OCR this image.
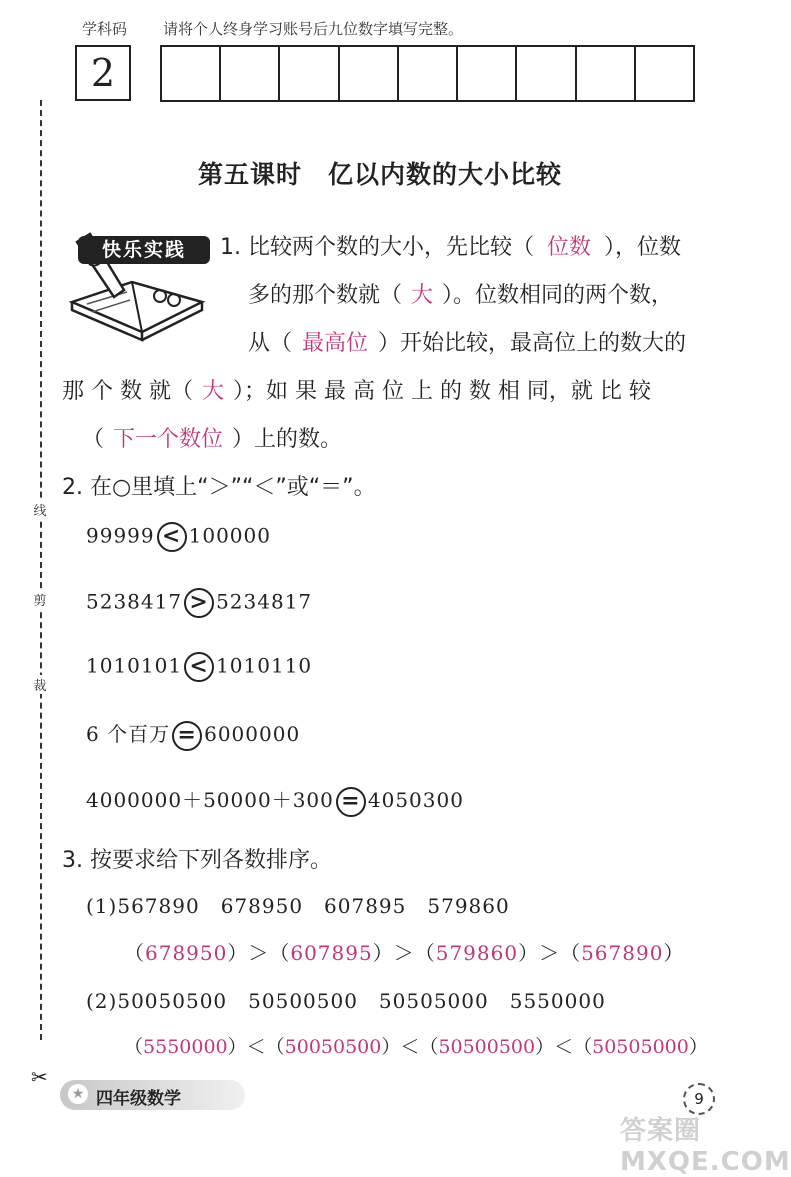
学科码 请将个人终身学习账号后九位数字填写完整。
2
线
剪
裁
✂
第五课时　亿以内数的大小比较
快乐实践	1. 比较两个数的大小，先比较（ 位数 ），位数
多的那个数就（ 大 ）。位数相同的两个数，
从（ 最高位 ）开始比较，最高位上的数大的
那 个 数 就（ 大 ）；如 果 最 高 位 上 的 数 相 同，就 比 较
（ 下一个数位 ）上的数。
2. 在○里填上“＞”“＜”或“＝”。
99999 < 100000
5238417 > 5234817
1010101 < 1010110
6 个百万 = 6000000
4000000＋50000＋300 = 4050300
3. 按要求给下列各数排序。
(1)567890　678950　607895　579860
（678950）＞（607895）＞（579860）＞（567890）
(2)50050500　50500500　50505000　5550000
（5550000）＜（50050500）＜（50500500）＜（50505000）
★ 四年级数学	9
答案圈 MXQE.COM
